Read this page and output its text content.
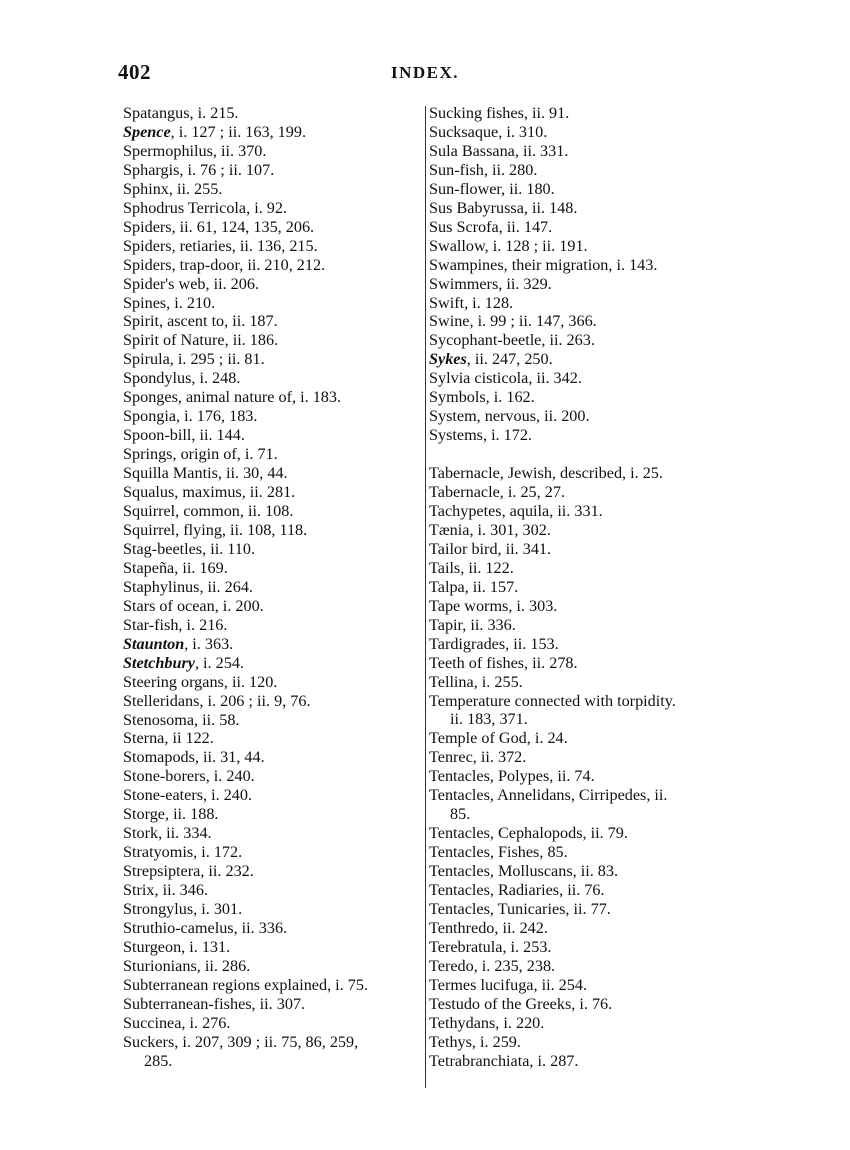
402	INDEX.
Spatangus, i. 215.
Spence, i. 127 ; ii. 163, 199.
Spermophilus, ii. 370.
Sphargis, i. 76 ; ii. 107.
Sphinx, ii. 255.
Sphodrus Terricola, i. 92.
Spiders, ii. 61, 124, 135, 206.
Spiders, retiaries, ii. 136, 215.
Spiders, trap-door, ii. 210, 212.
Spider's web, ii. 206.
Spines, i. 210.
Spirit, ascent to, ii. 187.
Spirit of Nature, ii. 186.
Spirula, i. 295 ; ii. 81.
Spondylus, i. 248.
Sponges, animal nature of, i. 183.
Spongia, i. 176, 183.
Spoon-bill, ii. 144.
Springs, origin of, i. 71.
Squilla Mantis, ii. 30, 44.
Squalus, maximus, ii. 281.
Squirrel, common, ii. 108.
Squirrel, flying, ii. 108, 118.
Stag-beetles, ii. 110.
Stapeña, ii. 169.
Staphylinus, ii. 264.
Stars of ocean, i. 200.
Star-fish, i. 216.
Staunton, i. 363.
Stetchbury, i. 254.
Steering organs, ii. 120.
Stelleridans, i. 206 ; ii. 9, 76.
Stenosoma, ii. 58.
Sterna, ii 122.
Stomapods, ii. 31, 44.
Stone-borers, i. 240.
Stone-eaters, i. 240.
Storge, ii. 188.
Stork, ii. 334.
Stratyomis, i. 172.
Strepsiptera, ii. 232.
Strix, ii. 346.
Strongylus, i. 301.
Struthio-camelus, ii. 336.
Sturgeon, i. 131.
Sturionians, ii. 286.
Subterranean regions explained, i. 75.
Subterranean-fishes, ii. 307.
Succinea, i. 276.
Suckers, i. 207, 309 ; ii. 75, 86, 259,
285.
Sucking fishes, ii. 91.
Sucksaque, i. 310.
Sula Bassana, ii. 331.
Sun-fish, ii. 280.
Sun-flower, ii. 180.
Sus Babyrussa, ii. 148.
Sus Scrofa, ii. 147.
Swallow, i. 128 ; ii. 191.
Swampines, their migration, i. 143.
Swimmers, ii. 329.
Swift, i. 128.
Swine, i. 99 ; ii. 147, 366.
Sycophant-beetle, ii. 263.
Sykes, ii. 247, 250.
Sylvia cisticola, ii. 342.
Symbols, i. 162.
System, nervous, ii. 200.
Systems, i. 172.
Tabernacle, Jewish, described, i. 25.
Tabernacle, i. 25, 27.
Tachypetes, aquila, ii. 331.
Tænia, i. 301, 302.
Tailor bird, ii. 341.
Tails, ii. 122.
Talpa, ii. 157.
Tape worms, i. 303.
Tapir, ii. 336.
Tardigrades, ii. 153.
Teeth of fishes, ii. 278.
Tellina, i. 255.
Temperature connected with torpidity.
ii. 183, 371.
Temple of God, i. 24.
Tenrec, ii. 372.
Tentacles, Polypes, ii. 74.
Tentacles, Annelidans, Cirripedes, ii.
85.
Tentacles, Cephalopods, ii. 79.
Tentacles, Fishes, 85.
Tentacles, Molluscans, ii. 83.
Tentacles, Radiaries, ii. 76.
Tentacles, Tunicaries, ii. 77.
Tenthredo, ii. 242.
Terebratula, i. 253.
Teredo, i. 235, 238.
Termes lucifuga, ii. 254.
Testudo of the Greeks, i. 76.
Tethydans, i. 220.
Tethys, i. 259.
Tetrabranchiata, i. 287.
